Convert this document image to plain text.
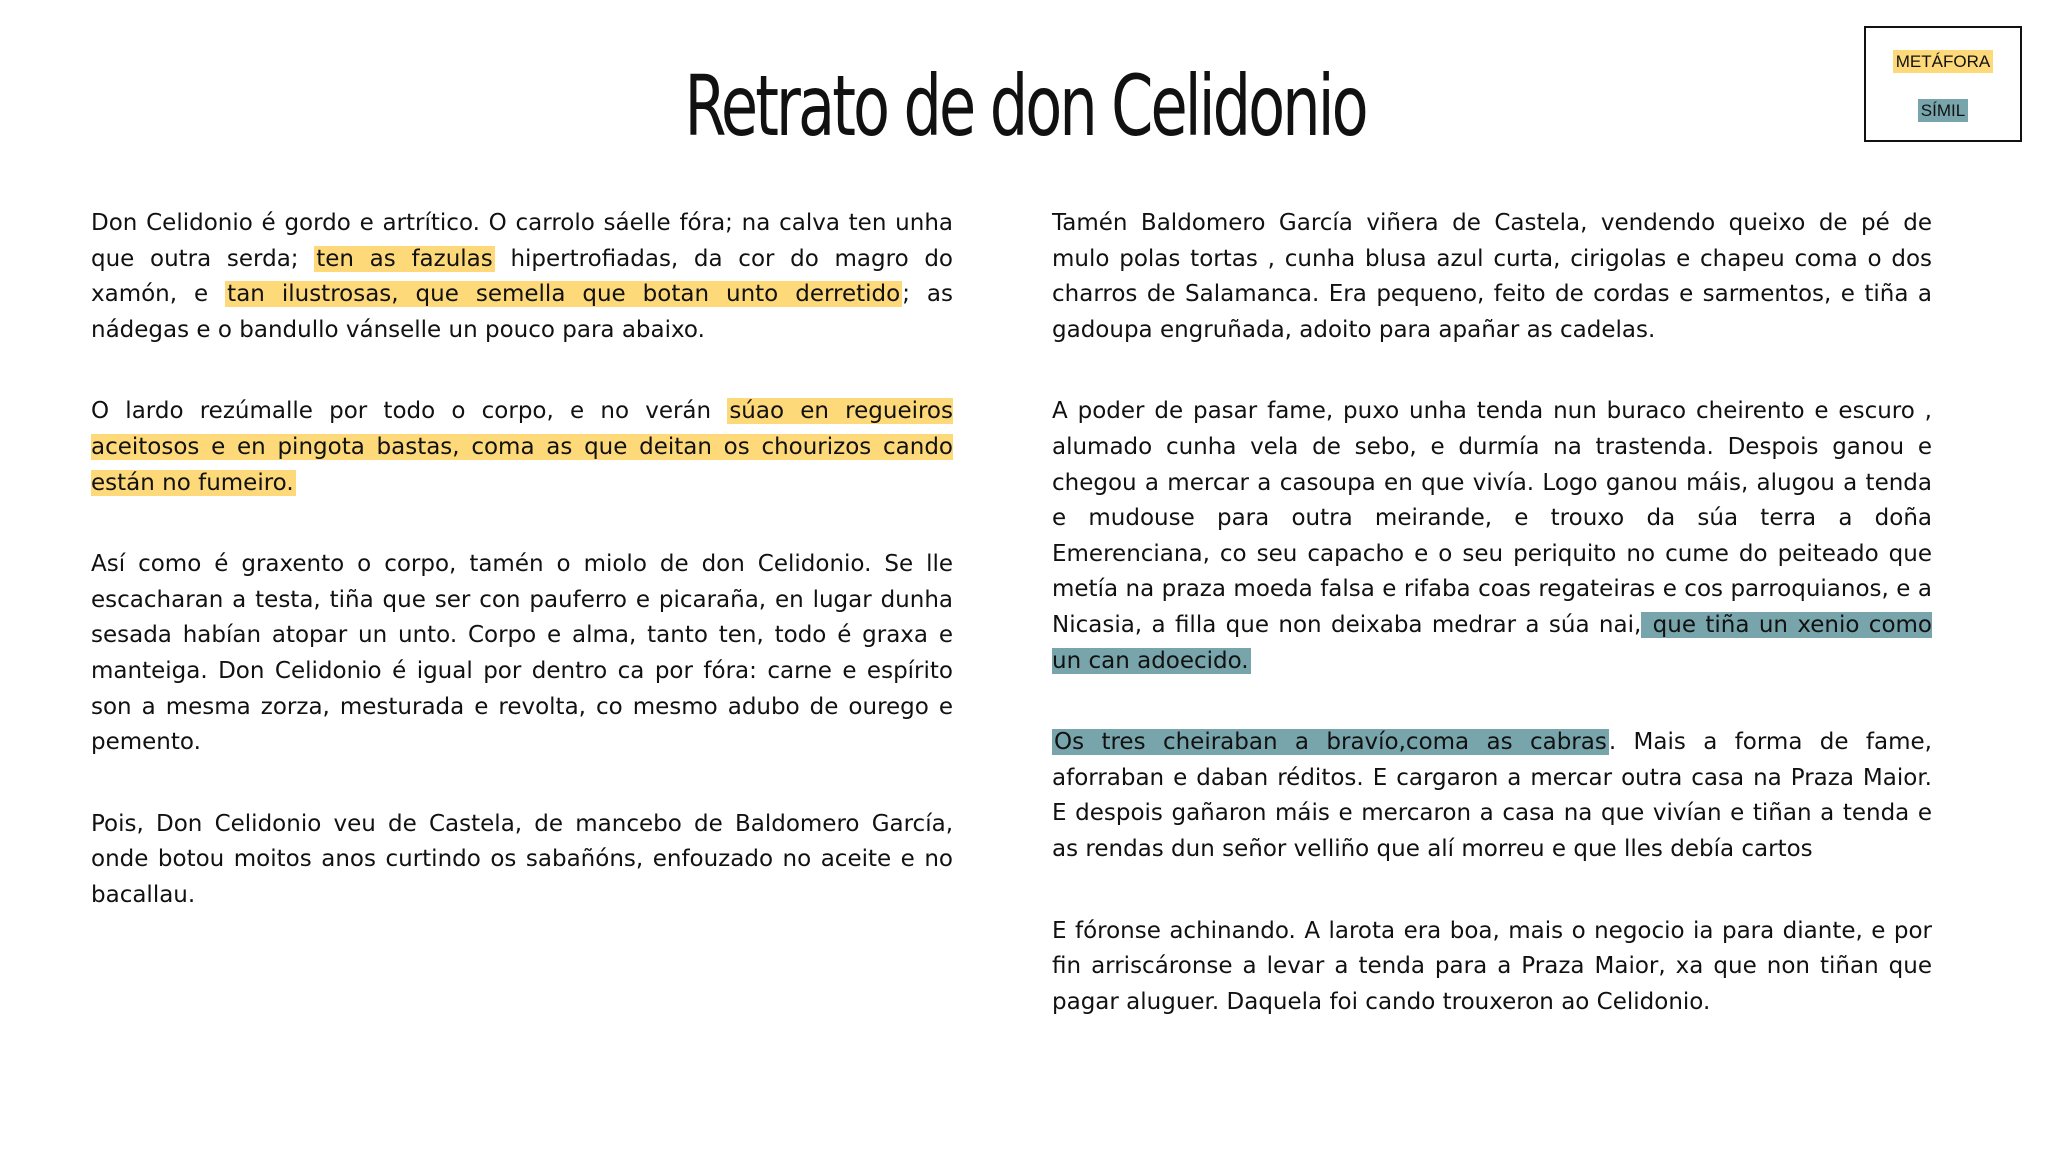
Retrato de don Celidonio	METÁFORA
SÍMIL

Don Celidonio é gordo e artrítico. O carrolo sáelle fóra; na calva ten unha que outra serda; ten as fazulas hipertrofiadas, da cor do magro do xamón, e tan ilustrosas, que semella que botan unto derretido; as nádegas e o bandullo vánselle un pouco para abaixo.

O lardo rezúmalle por todo o corpo, e no verán súao en regueiros aceitosos e en pingota bastas, coma as que deitan os chourizos cando están no fumeiro.

Así como é graxento o corpo, tamén o miolo de don Celidonio. Se lle escacharan a testa, tiña que ser con pauferro e picaraña, en lugar dunha sesada habían atopar un unto. Corpo e alma, tanto ten, todo é graxa e manteiga. Don Celidonio é igual por dentro ca por fóra: carne e espírito son a mesma zorza, mesturada e revolta, co mesmo adubo de ourego e pemento.

Pois, Don Celidonio veu de Castela, de mancebo de Baldomero García, onde botou moitos anos curtindo os sabañóns, enfouzado no aceite e no bacallau.

Tamén Baldomero García viñera de Castela, vendendo queixo de pé de mulo polas tortas , cunha blusa azul curta, cirigolas e chapeu coma o dos charros de Salamanca. Era pequeno, feito de cordas e sarmentos, e tiña a gadoupa engruñada, adoito para apañar as cadelas.

A poder de pasar fame, puxo unha tenda nun buraco cheirento e escuro , alumado cunha vela de sebo, e durmía na trastenda. Despois ganou e chegou a mercar a casoupa en que vivía. Logo ganou máis, alugou a tenda e mudouse para outra meirande, e trouxo da súa terra a doña Emerenciana, co seu capacho e o seu periquito no cume do peiteado que metía na praza moeda falsa e rifaba coas regateiras e cos parroquianos, e a Nicasia, a filla que non deixaba medrar a súa nai, que tiña un xenio como un can adoecido.

Os tres cheiraban a bravío,coma as cabras. Mais a forma de fame, aforraban e daban réditos. E cargaron a mercar outra casa na Praza Maior. E despois gañaron máis e mercaron a casa na que vivían e tiñan a tenda e as rendas dun señor velliño que alí morreu e que lles debía cartos

E fóronse achinando. A larota era boa, mais o negocio ia para diante, e por fin arriscáronse a levar a tenda para a Praza Maior, xa que non tiñan que pagar aluguer. Daquela foi cando trouxeron ao Celidonio.
